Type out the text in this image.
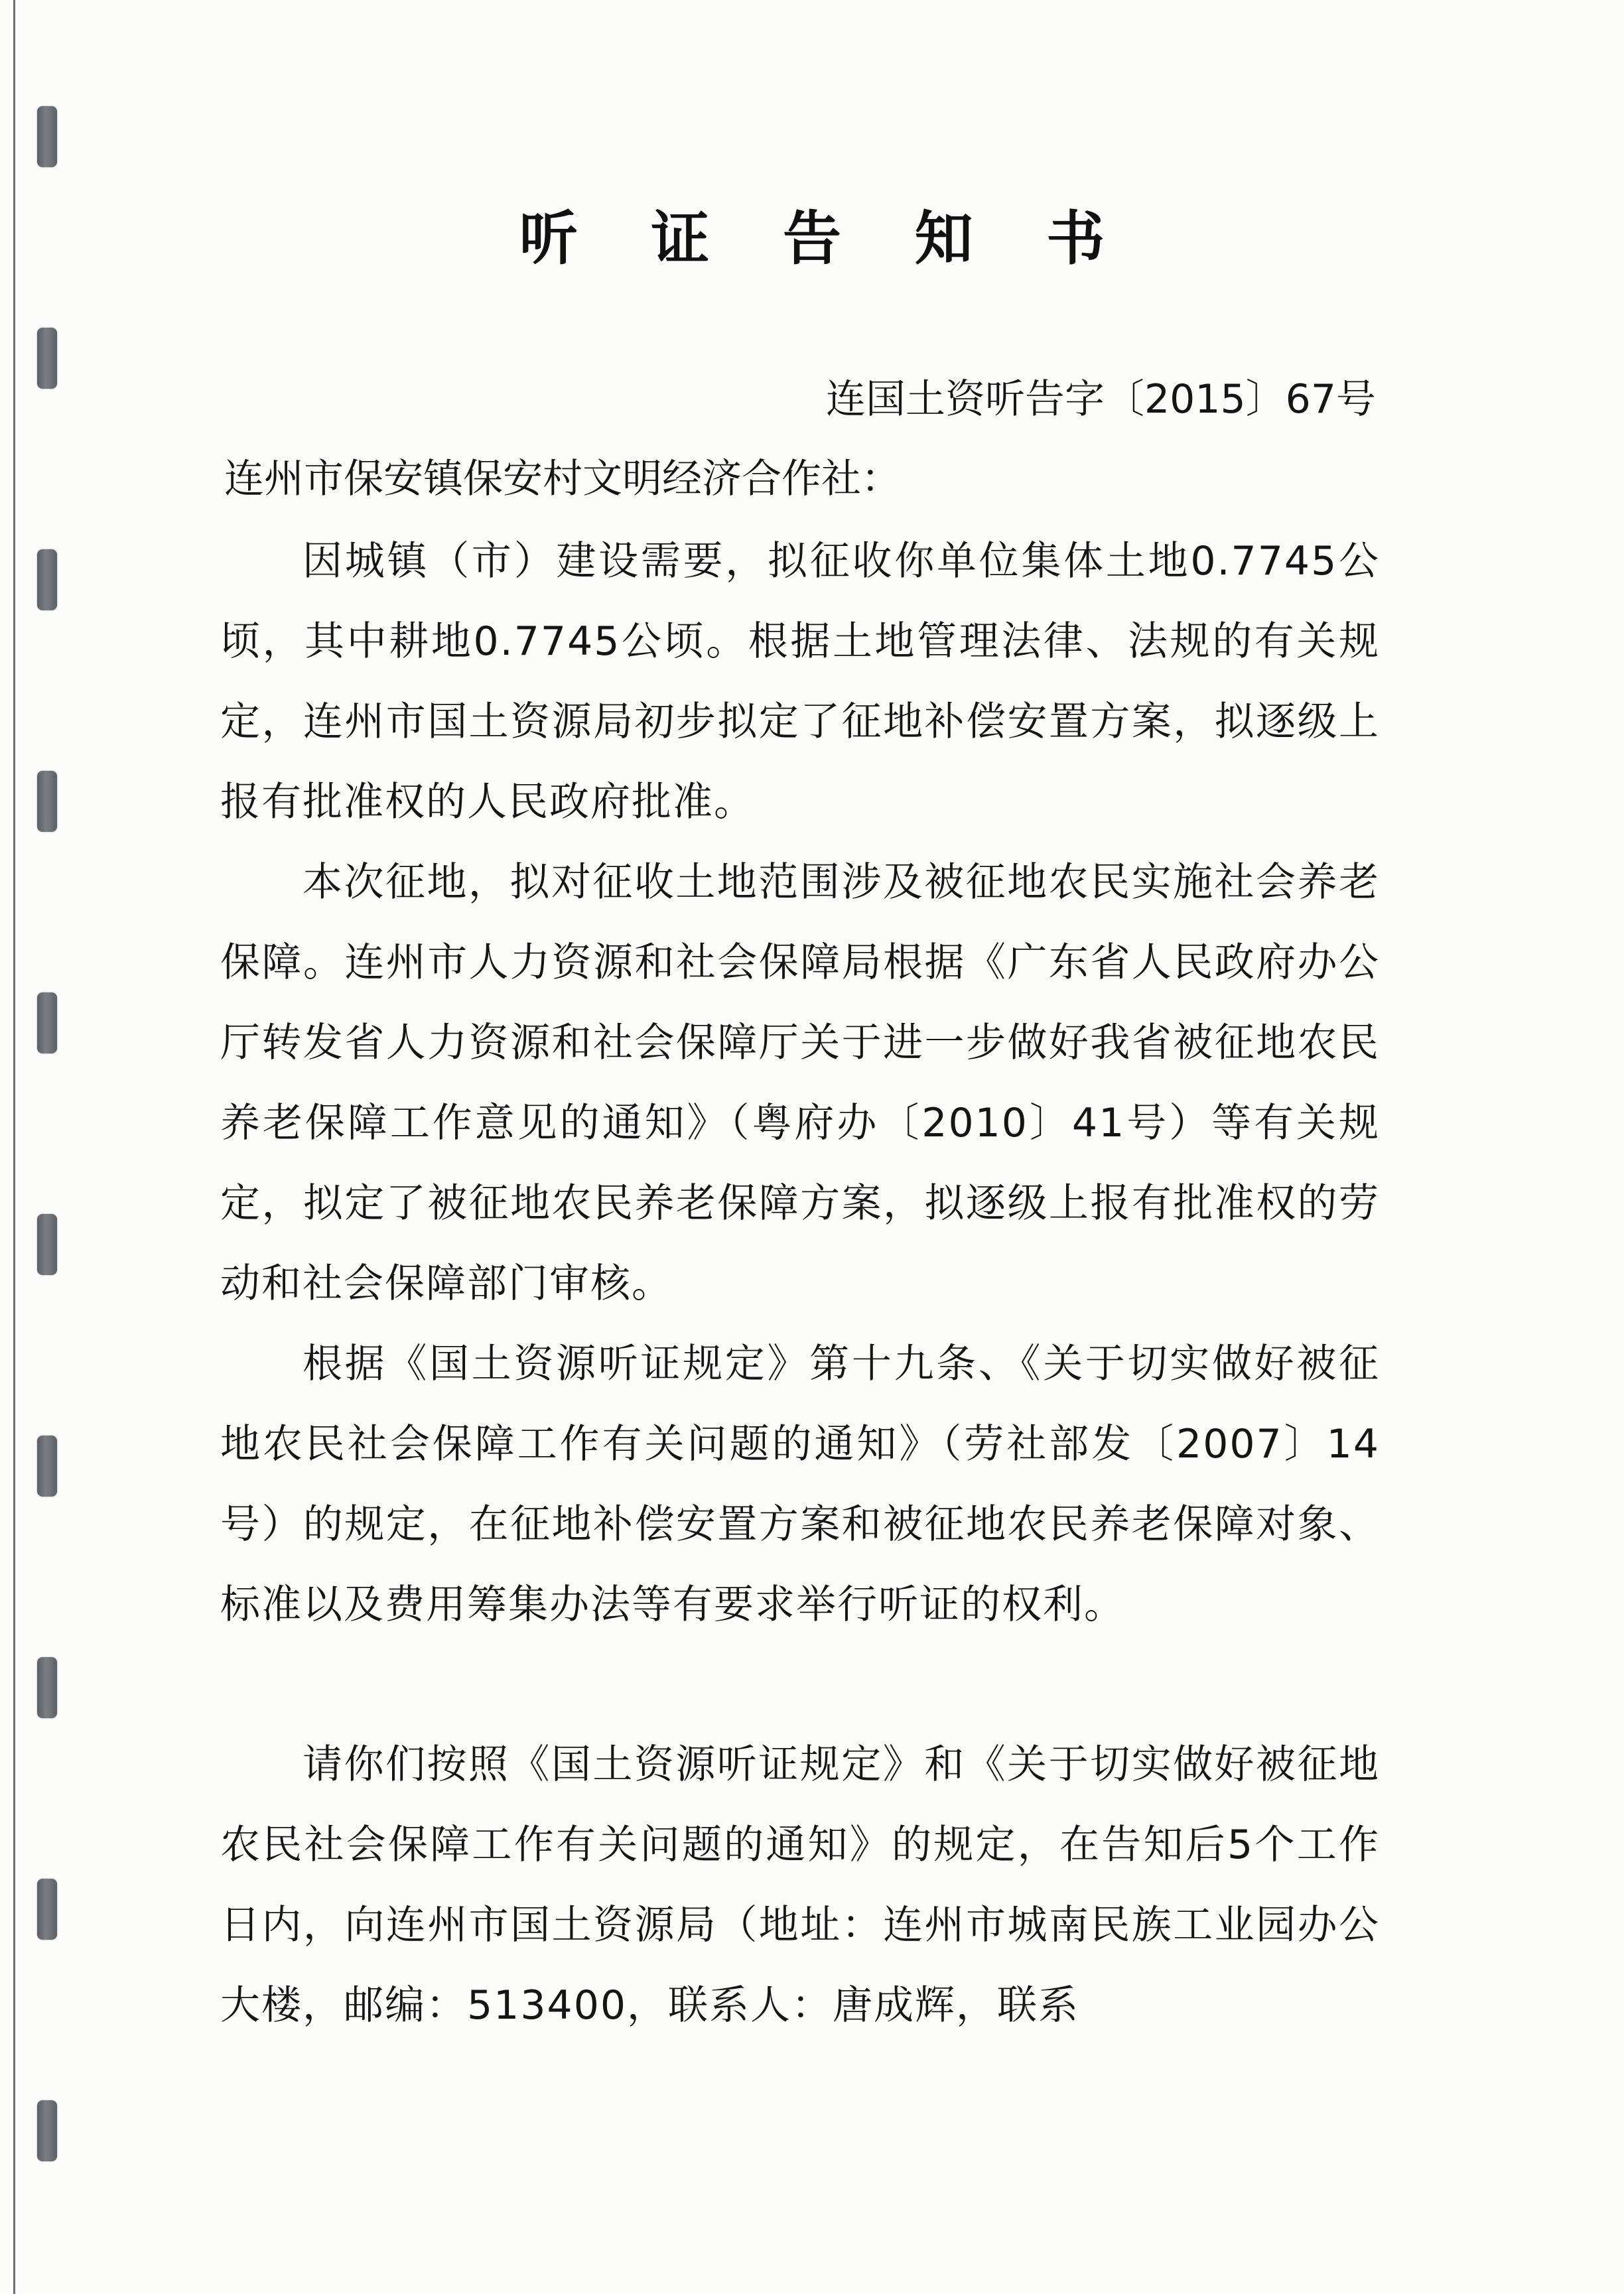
听 证 告 知 书
连国土资听告字〔2015〕67号
连州市保安镇保安村文明经济合作社：

因城镇（市）建设需要，拟征收你单位集体土地0.7745公顷，其中耕地0.7745公顷。根据土地管理法律、法规的有关规定，连州市国土资源局初步拟定了征地补偿安置方案，拟逐级上报有批准权的人民政府批准。

本次征地，拟对征收土地范围涉及被征地农民实施社会养老保障。连州市人力资源和社会保障局根据《广东省人民政府办公厅转发省人力资源和社会保障厅关于进一步做好我省被征地农民养老保障工作意见的通知》（粤府办〔2010〕41号）等有关规定，拟定了被征地农民养老保障方案，拟逐级上报有批准权的劳动和社会保障部门审核。

根据《国土资源听证规定》第十九条、《关于切实做好被征地农民社会保障工作有关问题的通知》（劳社部发〔2007〕14号）的规定，在征地补偿安置方案和被征地农民养老保障对象、标准以及费用筹集办法等有要求举行听证的权利。

请你们按照《国土资源听证规定》和《关于切实做好被征地农民社会保障工作有关问题的通知》的规定，在告知后5个工作日内，向连州市国土资源局（地址：连州市城南民族工业园办公大楼，邮编：513400，联系人：唐成辉，联系
